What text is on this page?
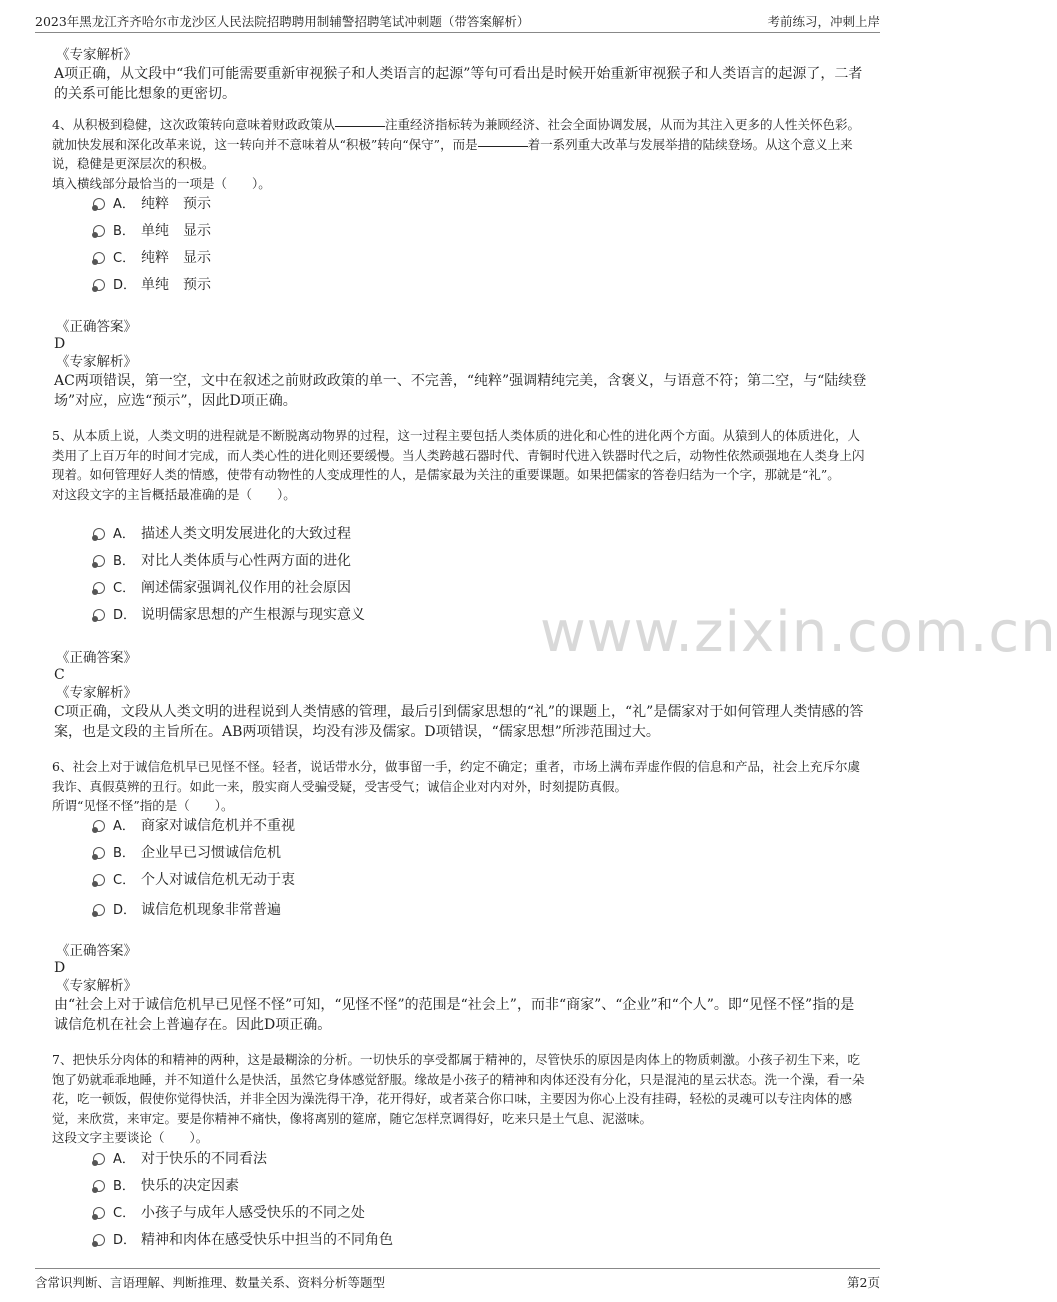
2023年黑龙江齐齐哈尔市龙沙区人民法院招聘聘用制辅警招聘笔试冲刺题（带答案解析）	考前练习，冲刺上岸
《专家解析》
A项正确，从文段中“我们可能需要重新审视猴子和人类语言的起源”等句可看出是时候开始重新审视猴子和人类语言的起源了，二者的关系可能比想象的更密切。
4、从积极到稳健，这次政策转向意味着财政政策从	注重经济指标转为兼顾经济、社会全面协调发展，从而为其注入更多的人性关怀色彩。就加快发展和深化改革来说，这一转向并不意味着从“积极”转向“保守”，而是	着一系列重大改革与发展举措的陆续登场。从这个意义上来说，稳健是更深层次的积极。
填入横线部分最恰当的一项是（　　）。
A． 纯粹　预示
B． 单纯　显示
C． 纯粹　显示
D． 单纯　预示
《正确答案》
D
《专家解析》
AC两项错误，第一空，文中在叙述之前财政政策的单一、不完善，“纯粹”强调精纯完美，含褒义，与语意不符；第二空，与“陆续登场”对应，应选“预示”，因此D项正确。
5、从本质上说，人类文明的进程就是不断脱离动物界的过程，这一过程主要包括人类体质的进化和心性的进化两个方面。从猿到人的体质进化，人类用了上百万年的时间才完成，而人类心性的进化则还要缓慢。当人类跨越石器时代、青铜时代进入铁器时代之后，动物性依然顽强地在人类身上闪现着。如何管理好人类的情感，使带有动物性的人变成理性的人，是儒家最为关注的重要课题。如果把儒家的答卷归结为一个字，那就是“礼”。
对这段文字的主旨概括最准确的是（　　）。
A． 描述人类文明发展进化的大致过程
B． 对比人类体质与心性两方面的进化
C． 阐述儒家强调礼仪作用的社会原因
D． 说明儒家思想的产生根源与现实意义	www.zixin.com.cn
《正确答案》
C
《专家解析》
C项正确，文段从人类文明的进程说到人类情感的管理，最后引到儒家思想的“礼”的课题上，“礼”是儒家对于如何管理人类情感的答案，也是文段的主旨所在。AB两项错误，均没有涉及儒家。D项错误，“儒家思想”所涉范围过大。
6、社会上对于诚信危机早已见怪不怪。轻者，说话带水分，做事留一手，约定不确定；重者，市场上满布弄虚作假的信息和产品，社会上充斥尔虞我诈、真假莫辨的丑行。如此一来，殷实商人受骗受疑，受害受气；诚信企业对内对外，时刻提防真假。
所谓“见怪不怪”指的是（　　）。
A． 商家对诚信危机并不重视
B． 企业早已习惯诚信危机
C． 个人对诚信危机无动于衷
D． 诚信危机现象非常普遍
《正确答案》
D
《专家解析》
由“社会上对于诚信危机早已见怪不怪”可知，“见怪不怪”的范围是“社会上”，而非“商家”、“企业”和“个人”。即“见怪不怪”指的是诚信危机在社会上普遍存在。因此D项正确。
7、把快乐分肉体的和精神的两种，这是最糊涂的分析。一切快乐的享受都属于精神的，尽管快乐的原因是肉体上的物质刺激。小孩子初生下来，吃饱了奶就乖乖地睡，并不知道什么是快活，虽然它身体感觉舒服。缘故是小孩子的精神和肉体还没有分化，只是混沌的星云状态。洗一个澡，看一朵花，吃一顿饭，假使你觉得快活，并非全因为澡洗得干净，花开得好，或者菜合你口味，主要因为你心上没有挂碍，轻松的灵魂可以专注肉体的感觉，来欣赏，来审定。要是你精神不痛快，像将离别的筵席，随它怎样烹调得好，吃来只是土气息、泥滋味。
这段文字主要谈论（　　）。
A． 对于快乐的不同看法
B． 快乐的决定因素
C． 小孩子与成年人感受快乐的不同之处
D． 精神和肉体在感受快乐中担当的不同角色
含常识判断、言语理解、判断推理、数量关系、资料分析等题型	第2页
